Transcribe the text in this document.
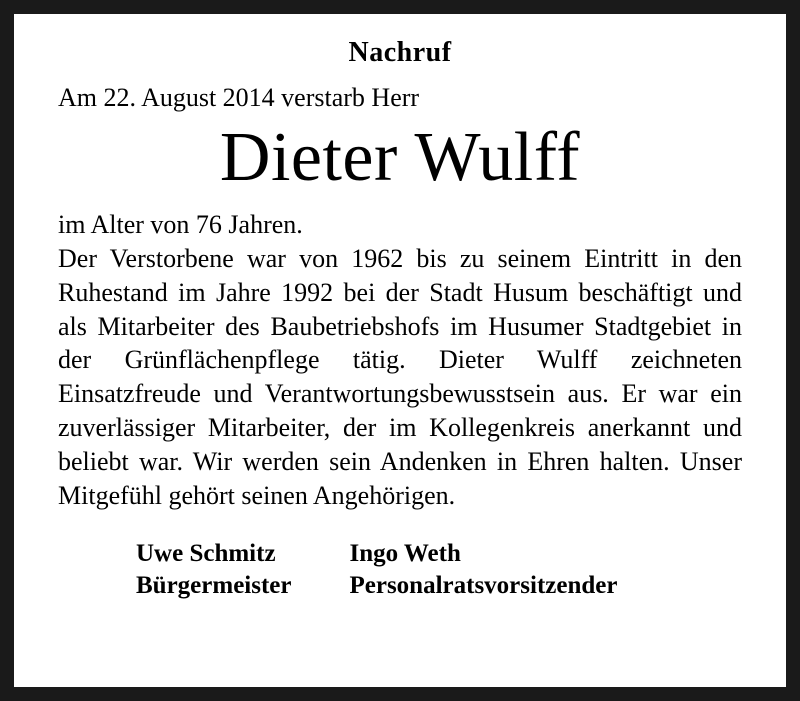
Nachruf
Am 22. August 2014 verstarb Herr
Dieter Wulff
im Alter von 76 Jahren.

Der Verstorbene war von 1962 bis zu seinem Eintritt in den Ruhestand im Jahre 1992 bei der Stadt Husum beschäftigt und als Mitarbeiter des Baubetriebshofs im Husumer Stadtgebiet in der Grünflächenpflege tätig. Dieter Wulff zeichneten Einsatzfreude und Verantwortungsbewusstsein aus. Er war ein zuverlässiger Mitarbeiter, der im Kollegenkreis anerkannt und beliebt war. Wir werden sein Andenken in Ehren halten. Unser Mitgefühl gehört seinen Angehörigen.

Uwe Schmitz
Bürgermeister
Ingo Weth
Personalratsvorsitzender
